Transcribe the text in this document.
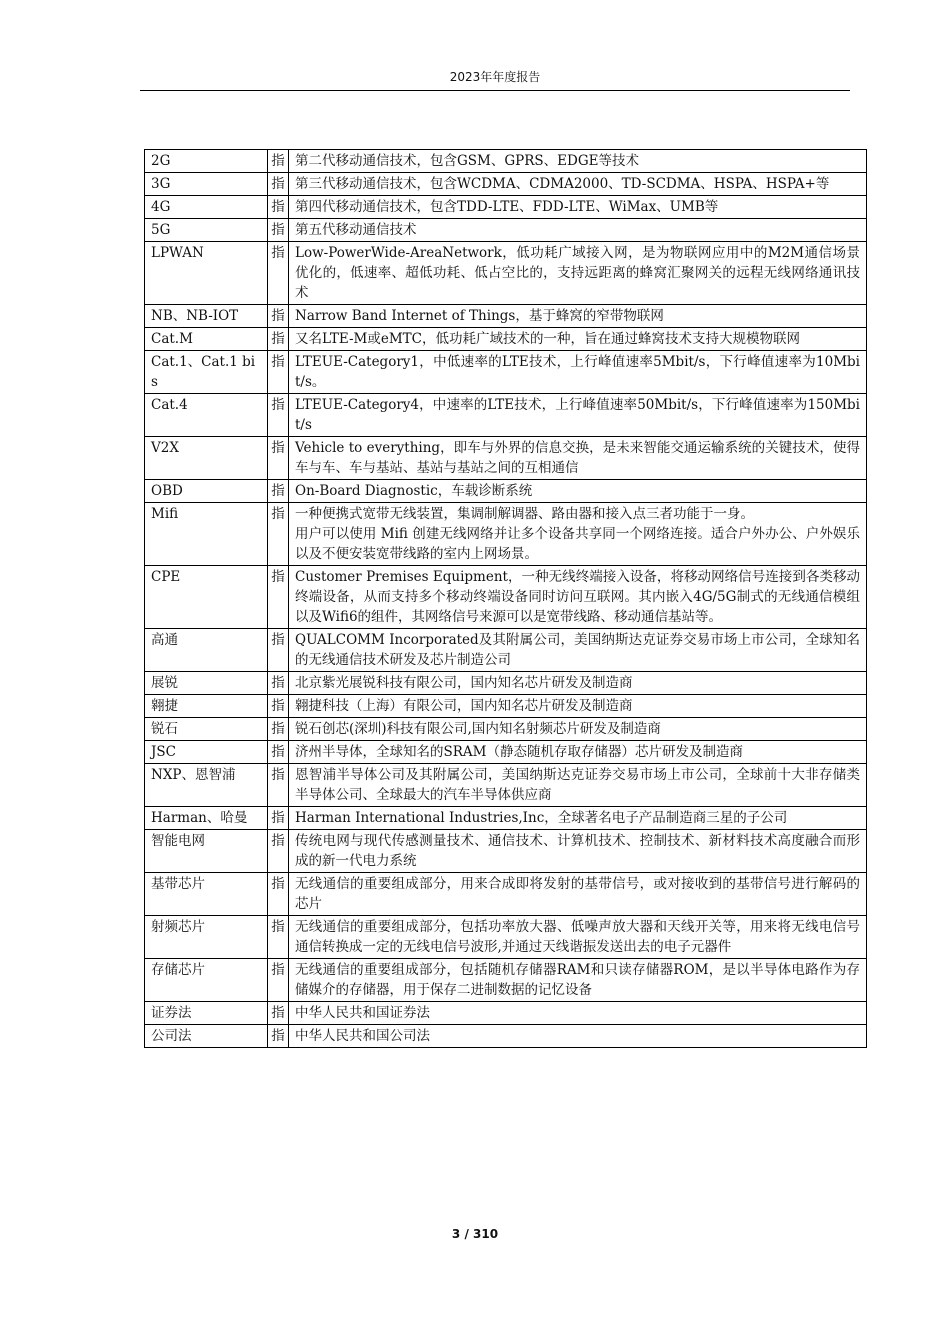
2023年年度报告
2G	指	第二代移动通信技术，包含GSM、GPRS、EDGE等技术

3G	指	第三代移动通信技术，包含WCDMA、CDMA2000、TD-SCDMA、HSPA、HSPA+等

4G	指	第四代移动通信技术，包含TDD-LTE、FDD-LTE、WiMax、UMB等

5G	指	第五代移动通信技术

LPWAN	指	Low-PowerWide-AreaNetwork，低功耗广域接入网，是为物联网应用中的M2M通信场景优化的，低速率、超低功耗、低占空比的，支持远距离的蜂窝汇聚网关的远程无线网络通讯技术

NB、NB-IOT	指	Narrow Band Internet of Things，基于蜂窝的窄带物联网

Cat.M	指	又名LTE-M或eMTC，低功耗广域技术的一种，旨在通过蜂窝技术支持大规模物联网

Cat.1、Cat.1 bis	指	LTEUE-Category1，中低速率的LTE技术，上行峰值速率5Mbit/s，下行峰值速率为10Mbit/s。

Cat.4	指	LTEUE-Category4，中速率的LTE技术，上行峰值速率50Mbit/s，下行峰值速率为150Mbit/s

V2X	指	Vehicle to everything，即车与外界的信息交换，是未来智能交通运输系统的关键技术，使得车与车、车与基站、基站与基站之间的互相通信

OBD	指	On-Board Diagnostic，车载诊断系统

Mifi	指	一种便携式宽带无线装置，集调制解调器、路由器和接入点三者功能于一身。
用户可以使用 Mifi 创建无线网络并让多个设备共享同一个网络连接。适合户外办公、户外娱乐以及不便安装宽带线路的室内上网场景。

CPE	指	Customer Premises Equipment，一种无线终端接入设备，将移动网络信号连接到各类移动终端设备，从而支持多个移动终端设备同时访问互联网。其内嵌入4G/5G制式的无线通信模组以及Wifi6的组件，其网络信号来源可以是宽带线路、移动通信基站等。

高通	指	QUALCOMM Incorporated及其附属公司，美国纳斯达克证券交易市场上市公司，全球知名的无线通信技术研发及芯片制造公司

展锐	指	北京紫光展锐科技有限公司，国内知名芯片研发及制造商

翱捷	指	翱捷科技（上海）有限公司，国内知名芯片研发及制造商

锐石	指	锐石创芯(深圳)科技有限公司,国内知名射频芯片研发及制造商

JSC	指	济州半导体，全球知名的SRAM（静态随机存取存储器）芯片研发及制造商

NXP、恩智浦	指	恩智浦半导体公司及其附属公司，美国纳斯达克证券交易市场上市公司，全球前十大非存储类半导体公司、全球最大的汽车半导体供应商

Harman、哈曼	指	Harman International Industries,Inc，全球著名电子产品制造商三星的子公司

智能电网	指	传统电网与现代传感测量技术、通信技术、计算机技术、控制技术、新材料技术高度融合而形成的新一代电力系统

基带芯片	指	无线通信的重要组成部分，用来合成即将发射的基带信号，或对接收到的基带信号进行解码的芯片

射频芯片	指	无线通信的重要组成部分，包括功率放大器、低噪声放大器和天线开关等，用来将无线电信号通信转换成一定的无线电信号波形,并通过天线谐振发送出去的电子元器件

存储芯片	指	无线通信的重要组成部分，包括随机存储器RAM和只读存储器ROM，是以半导体电路作为存储媒介的存储器，用于保存二进制数据的记忆设备

证券法	指	中华人民共和国证券法

公司法	指	中华人民共和国公司法
3 / 310
